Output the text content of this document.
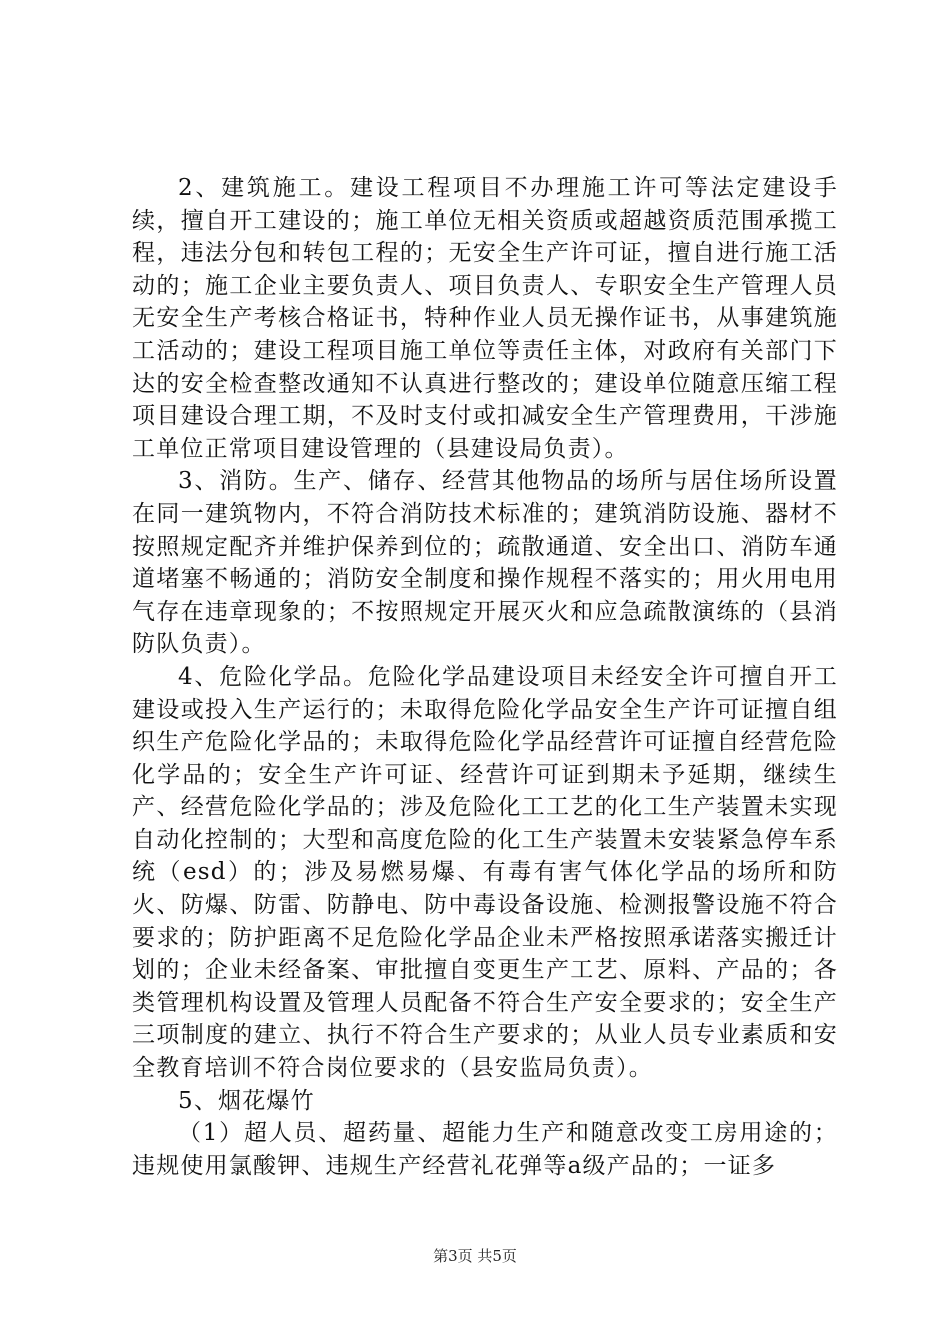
2、建筑施工。建设工程项目不办理施工许可等法定建设手续，擅自开工建设的；施工单位无相关资质或超越资质范围承揽工程，违法分包和转包工程的；无安全生产许可证，擅自进行施工活动的；施工企业主要负责人、项目负责人、专职安全生产管理人员无安全生产考核合格证书，特种作业人员无操作证书，从事建筑施工活动的；建设工程项目施工单位等责任主体，对政府有关部门下达的安全检查整改通知不认真进行整改的；建设单位随意压缩工程项目建设合理工期，不及时支付或扣减安全生产管理费用，干涉施工单位正常项目建设管理的（县建设局负责）。

3、消防。生产、储存、经营其他物品的场所与居住场所设置在同一建筑物内，不符合消防技术标准的；建筑消防设施、器材不按照规定配齐并维护保养到位的；疏散通道、安全出口、消防车通道堵塞不畅通的；消防安全制度和操作规程不落实的；用火用电用气存在违章现象的；不按照规定开展灭火和应急疏散演练的（县消防队负责）。

4、危险化学品。危险化学品建设项目未经安全许可擅自开工建设或投入生产运行的；未取得危险化学品安全生产许可证擅自组织生产危险化学品的；未取得危险化学品经营许可证擅自经营危险化学品的；安全生产许可证、经营许可证到期未予延期，继续生产、经营危险化学品的；涉及危险化工工艺的化工生产装置未实现自动化控制的；大型和高度危险的化工生产装置未安装紧急停车系统（esd）的；涉及易燃易爆、有毒有害气体化学品的场所和防火、防爆、防雷、防静电、防中毒设备设施、检测报警设施不符合要求的；防护距离不足危险化学品企业未严格按照承诺落实搬迁计划的；企业未经备案、审批擅自变更生产工艺、原料、产品的；各类管理机构设置及管理人员配备不符合生产安全要求的；安全生产三项制度的建立、执行不符合生产要求的；从业人员专业素质和安全教育培训不符合岗位要求的（县安监局负责）。

5、烟花爆竹

（1）超人员、超药量、超能力生产和随意改变工房用途的；违规使用氯酸钾、违规生产经营礼花弹等a级产品的；一证多

第3页 共5页
